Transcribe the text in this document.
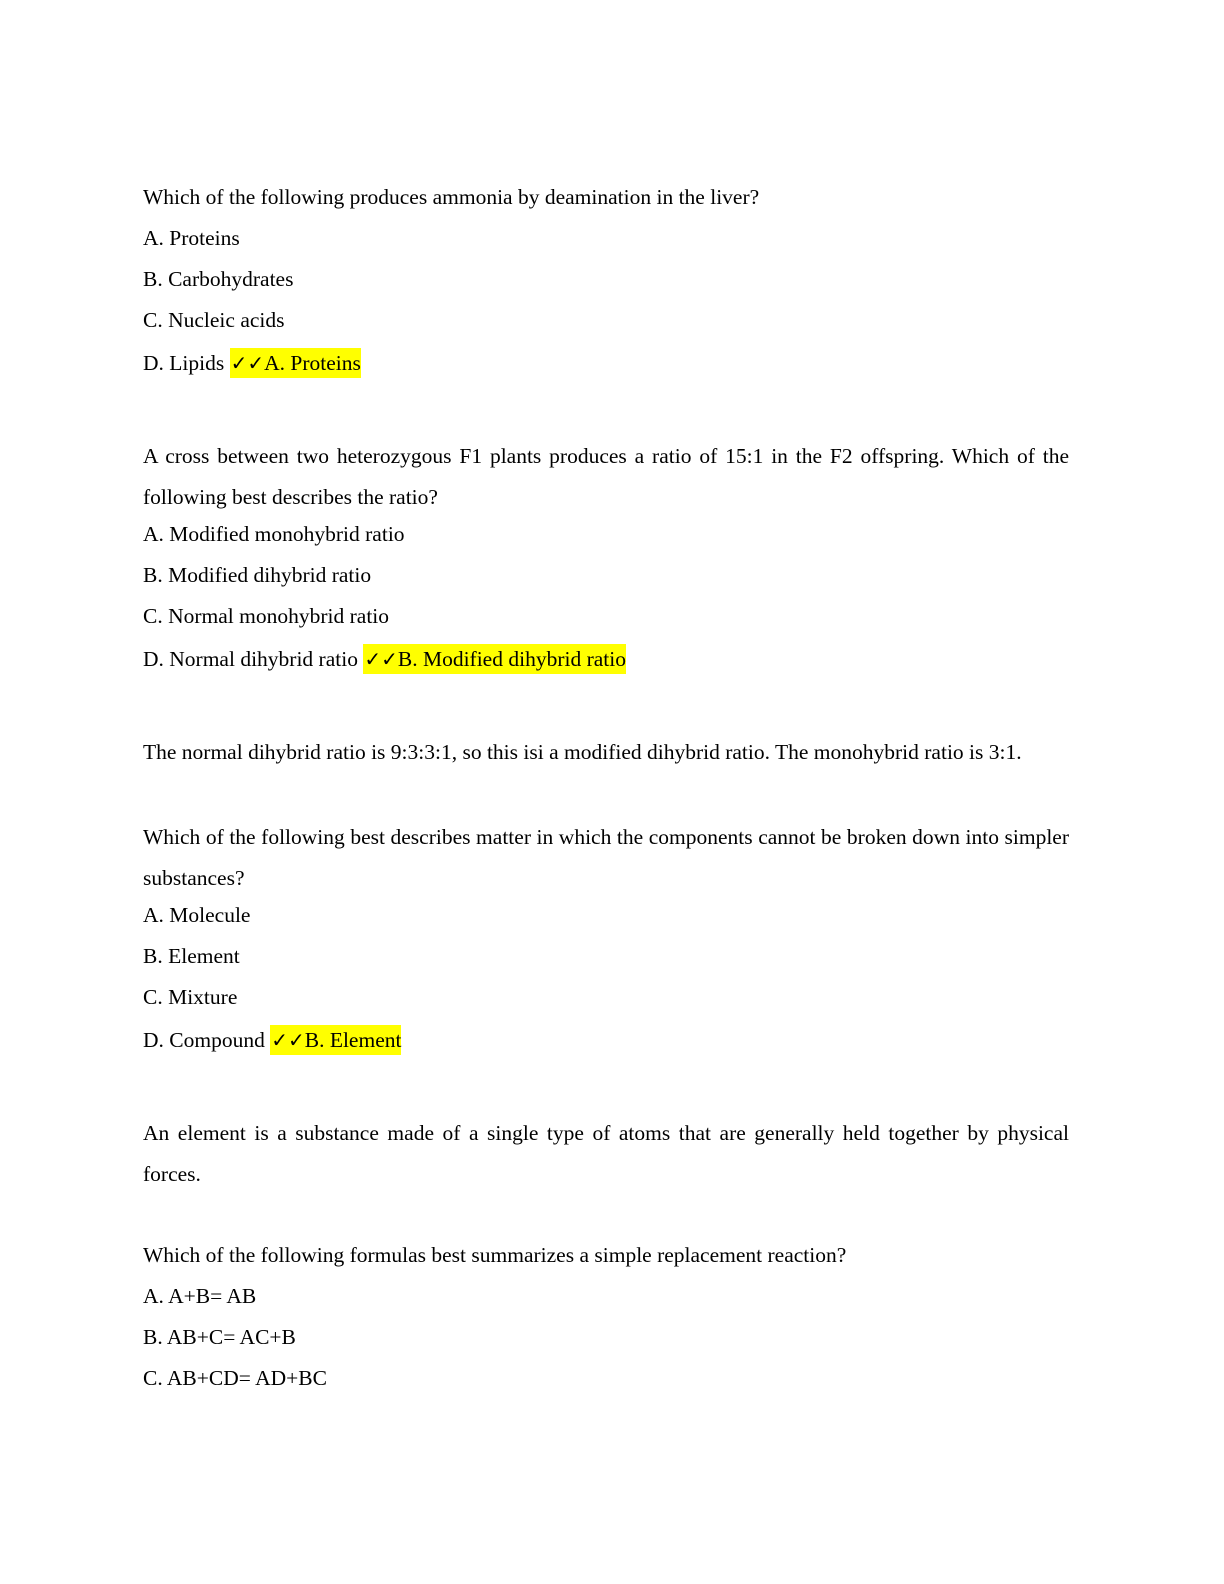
Which of the following produces ammonia by deamination in the liver?
A. Proteins
B. Carbohydrates
C. Nucleic acids
D. Lipids ✓✓A. Proteins
A cross between two heterozygous F1 plants produces a ratio of 15:1 in the F2 offspring. Which of the following best describes the ratio?
A. Modified monohybrid ratio
B. Modified dihybrid ratio
C. Normal monohybrid ratio
D. Normal dihybrid ratio ✓✓B. Modified dihybrid ratio
The normal dihybrid ratio is 9:3:3:1, so this isi a modified dihybrid ratio. The monohybrid ratio is 3:1.
Which of the following best describes matter in which the components cannot be broken down into simpler substances?
A. Molecule
B. Element
C. Mixture
D. Compound ✓✓B. Element
An element is a substance made of a single type of atoms that are generally held together by physical forces.
Which of the following formulas best summarizes a simple replacement reaction?
A. A+B= AB
B. AB+C= AC+B
C. AB+CD= AD+BC
